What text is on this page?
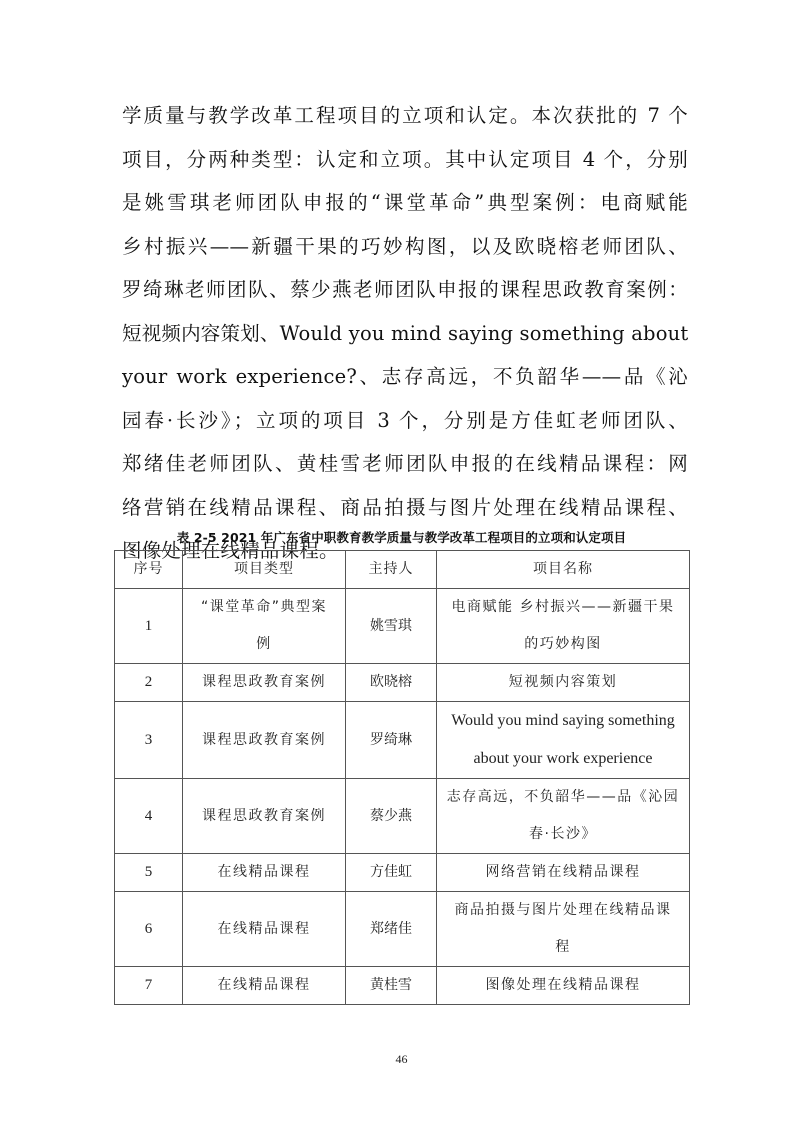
学质量与教学改革工程项目的立项和认定。本次获批的 7 个
项目，分两种类型：认定和立项。其中认定项目 4 个，分别
是姚雪琪老师团队申报的“课堂革命”典型案例：电商赋能
乡村振兴——新疆干果的巧妙构图，以及欧晓榕老师团队、
罗绮琳老师团队、蔡少燕老师团队申报的课程思政教育案例：
短视频内容策划、Would you mind saying something about
your work experience?、志存高远，不负韶华——品《沁
园春·长沙》；立项的项目 3 个，分别是方佳虹老师团队、
郑绪佳老师团队、黄桂雪老师团队申报的在线精品课程：网
络营销在线精品课程、商品拍摄与图片处理在线精品课程、
图像处理在线精品课程。

表 2-5 2021 年广东省中职教育教学质量与教学改革工程项目的立项和认定项目
序号	项目类型	主持人	项目名称
1	“课堂革命”典型案
例	姚雪琪	电商赋能 乡村振兴——新疆干果
的巧妙构图
2	课程思政教育案例	欧晓榕	短视频内容策划
3	课程思政教育案例	罗绮琳	Would you mind saying something
about your work experience
4	课程思政教育案例	蔡少燕	志存高远，不负韶华——品《沁园
春·长沙》
5	在线精品课程	方佳虹	网络营销在线精品课程
6	在线精品课程	郑绪佳	商品拍摄与图片处理在线精品课
程
7	在线精品课程	黄桂雪	图像处理在线精品课程
46
